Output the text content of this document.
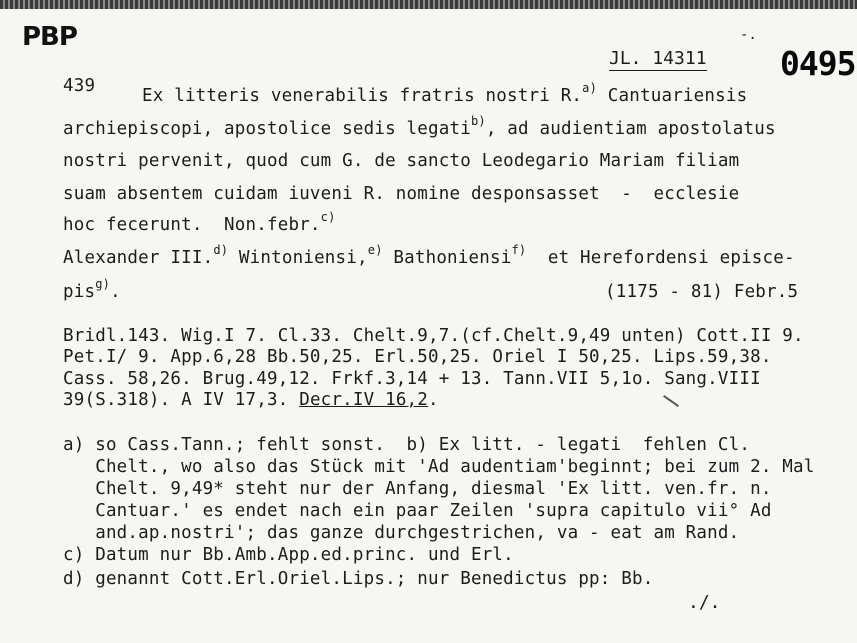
PBP	-.
JL. 14311 0495
439	Ex litteris venerabilis fratris nostri R.$^{a)}$ Cantuariensis
archiepiscopi, apostolice sedis legati$^{b)}$, ad audientiam apostolatus
nostri pervenit, quod cum G. de sancto Leodegario Mariam filiam
suam absentem cuidam iuveni R. nomine desponsasset  -  ecclesie
hoc fecerunt.  Non.febr.$^{c)}$
Alexander III.$^{d)}$ Wintoniensi,$^{e)}$ Bathoniensi$^{f)}$ et Herefordensi episce-
pis$^{g)}$.	(1175 - 81) Febr.5
Bridl.143. Wig.I 7. Cl.33. Chelt.9,7.(cf.Chelt.9,49 unten) Cott.II 9.
Pet.I/ 9. App.6,28 Bb.50,25. Erl.50,25. Oriel I 50,25. Lips.59,38.
Cass. 58,26. Brug.49,12. Frkf.3,14 + 13. Tann.VII 5,1o. Sang.VIII
39(S.318). A IV 17,3. Decr.IV 16,2.
a) so Cass.Tann.; fehlt sonst.  b) Ex litt. - legati  fehlen Cl.
Chelt., wo also das Stück mit 'Ad audentiam'beginnt; bei zum 2. Mal
Chelt. 9,49* steht nur der Anfang, diesmal 'Ex litt. ven.fr. n.
Cantuar.' es endet nach ein paar Zeilen 'supra capitulo vii° Ad
and.ap.nostri'; das ganze durchgestrichen, va - eat am Rand.
c) Datum nur Bb.Amb.App.ed.princ. und Erl.
d) genannt Cott.Erl.Oriel.Lips.; nur Benedictus pp: Bb.
./.
